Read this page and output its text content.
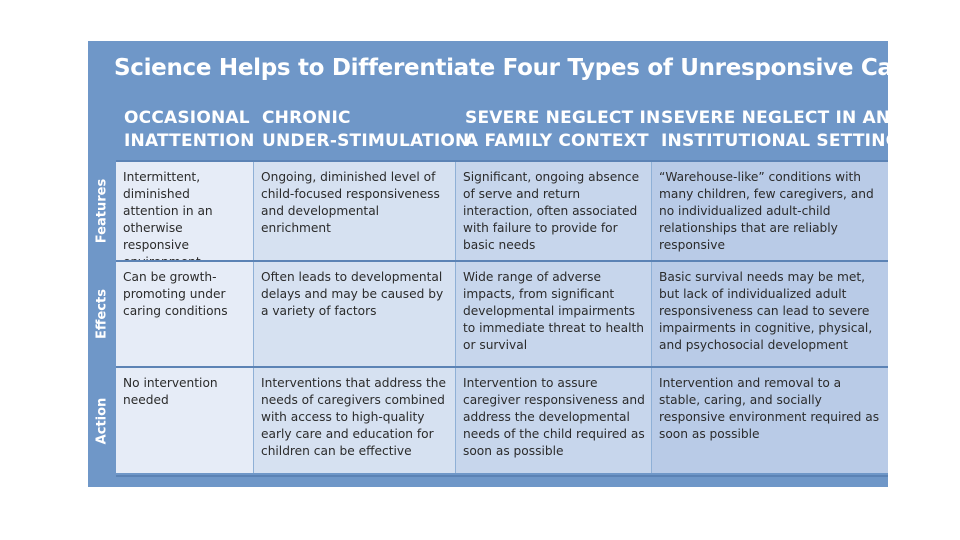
Science Helps to Differentiate Four Types of Unresponsive Care
OCCASIONAL
INATTENTION
CHRONIC
UNDER-STIMULATION
SEVERE NEGLECT IN
A FAMILY CONTEXT
SEVERE NEGLECT IN AN
INSTITUTIONAL SETTING
Features
Effects
Action
Intermittent, diminished attention in an otherwise responsive
Ongoing, diminished level of child-focused responsiveness and developmental enrichment
Significant, ongoing absence of serve and return interaction, often associated with failure to provide for basic needs
“Warehouse-like” conditions with many children, few caregivers, and no individualized adult-child relationships that are reliably responsive
Can be growth-promoting under caring conditions
Often leads to developmental delays and may be caused by a variety of factors
Wide range of adverse impacts, from significant developmental impairments to immediate threat to health or survival
Basic survival needs may be met, but lack of individualized adult responsiveness can lead to severe impairments in cognitive, physical, and psychosocial development
No intervention needed
Interventions that address the needs of caregivers combined with access to high-quality early care and education for children can be effective
Intervention to assure caregiver responsiveness and address the developmental needs of the child required as soon as possible
Intervention and removal to a stable, caring, and socially responsive environment required as soon as possible
